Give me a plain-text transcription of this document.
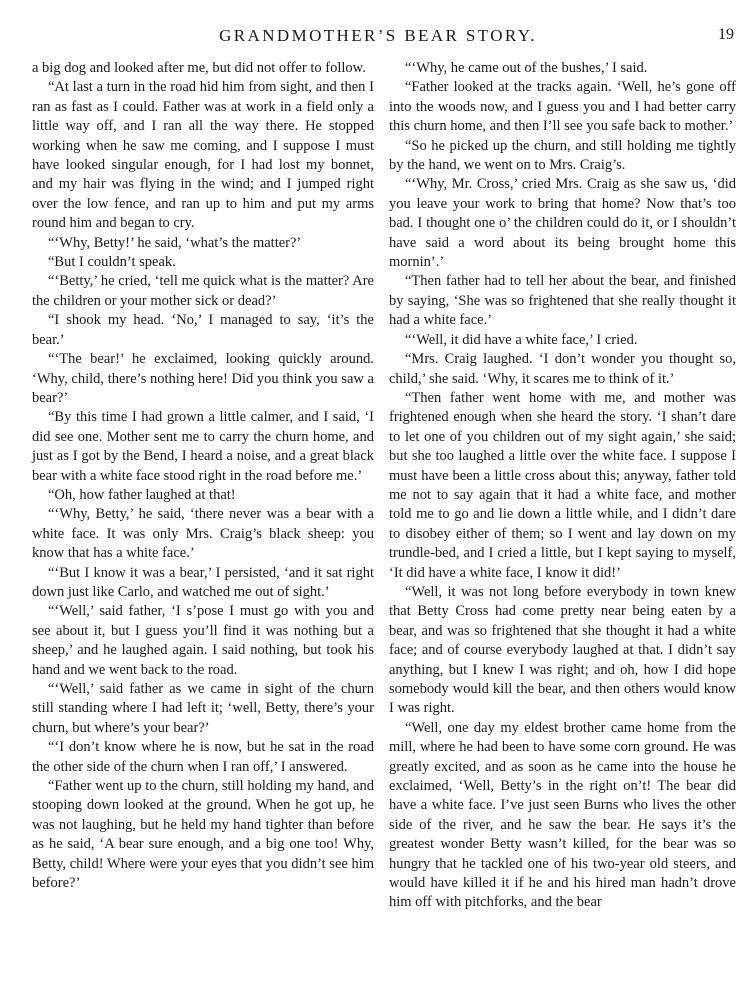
GRANDMOTHER’S BEAR STORY.	19

a big dog and looked after me, but did not offer to follow.

“At last a turn in the road hid him from sight, and then I ran as fast as I could. Father was at work in a field only a little way off, and I ran all the way there. He stopped working when he saw me coming, and I suppose I must have looked singular enough, for I had lost my bonnet, and my hair was flying in the wind; and I jumped right over the low fence, and ran up to him and put my arms round him and began to cry.

“‘Why, Betty!’ he said, ‘what’s the matter?’

“But I couldn’t speak.

“‘Betty,’ he cried, ‘tell me quick what is the matter? Are the children or your mother sick or dead?’

“I shook my head. ‘No,’ I managed to say, ‘it’s the bear.’

“‘The bear!’ he exclaimed, looking quickly around. ‘Why, child, there’s nothing here! Did you think you saw a bear?’

“By this time I had grown a little calmer, and I said, ‘I did see one. Mother sent me to carry the churn home, and just as I got by the Bend, I heard a noise, and a great black bear with a white face stood right in the road before me.’

“Oh, how father laughed at that!

“‘Why, Betty,’ he said, ‘there never was a bear with a white face. It was only Mrs. Craig’s black sheep: you know that has a white face.’

“‘But I know it was a bear,’ I persisted, ‘and it sat right down just like Carlo, and watched me out of sight.’

“‘Well,’ said father, ‘I s’pose I must go with you and see about it, but I guess you’ll find it was nothing but a sheep,’ and he laughed again. I said nothing, but took his hand and we went back to the road.

“‘Well,’ said father as we came in sight of the churn still standing where I had left it; ‘well, Betty, there’s your churn, but where’s your bear?’

“‘I don’t know where he is now, but he sat in the road the other side of the churn when I ran off,’ I answered.

“Father went up to the churn, still holding my hand, and stooping down looked at the ground. When he got up, he was not laughing, but he held my hand tighter than before as he said, ‘A bear sure enough, and a big one too! Why, Betty, child! Where were your eyes that you didn’t see him before?’

“‘Why, he came out of the bushes,’ I said.

“Father looked at the tracks again. ‘Well, he’s gone off into the woods now, and I guess you and I had better carry this churn home, and then I’ll see you safe back to mother.’

“So he picked up the churn, and still holding me tightly by the hand, we went on to Mrs. Craig’s.

“‘Why, Mr. Cross,’ cried Mrs. Craig as she saw us, ‘did you leave your work to bring that home? Now that’s too bad. I thought one o’ the children could do it, or I shouldn’t have said a word about its being brought home this mornin’.’

“Then father had to tell her about the bear, and finished by saying, ‘She was so frightened that she really thought it had a white face.’

“‘Well, it did have a white face,’ I cried.

“Mrs. Craig laughed. ‘I don’t wonder you thought so, child,’ she said. ‘Why, it scares me to think of it.’

“Then father went home with me, and mother was frightened enough when she heard the story. ‘I shan’t dare to let one of you children out of my sight again,’ she said; but she too laughed a little over the white face. I suppose I must have been a little cross about this; anyway, father told me not to say again that it had a white face, and mother told me to go and lie down a little while, and I didn’t dare to disobey either of them; so I went and lay down on my trundle-bed, and I cried a little, but I kept saying to myself, ‘It did have a white face, I know it did!’

“Well, it was not long before everybody in town knew that Betty Cross had come pretty near being eaten by a bear, and was so frightened that she thought it had a white face; and of course everybody laughed at that. I didn’t say anything, but I knew I was right; and oh, how I did hope somebody would kill the bear, and then others would know I was right.

“Well, one day my eldest brother came home from the mill, where he had been to have some corn ground. He was greatly excited, and as soon as he came into the house he exclaimed, ‘Well, Betty’s in the right on’t! The bear did have a white face. I’ve just seen Burns who lives the other side of the river, and he saw the bear. He says it’s the greatest wonder Betty wasn’t killed, for the bear was so hungry that he tackled one of his two-year old steers, and would have killed it if he and his hired man hadn’t drove him off with pitchforks, and the bear
